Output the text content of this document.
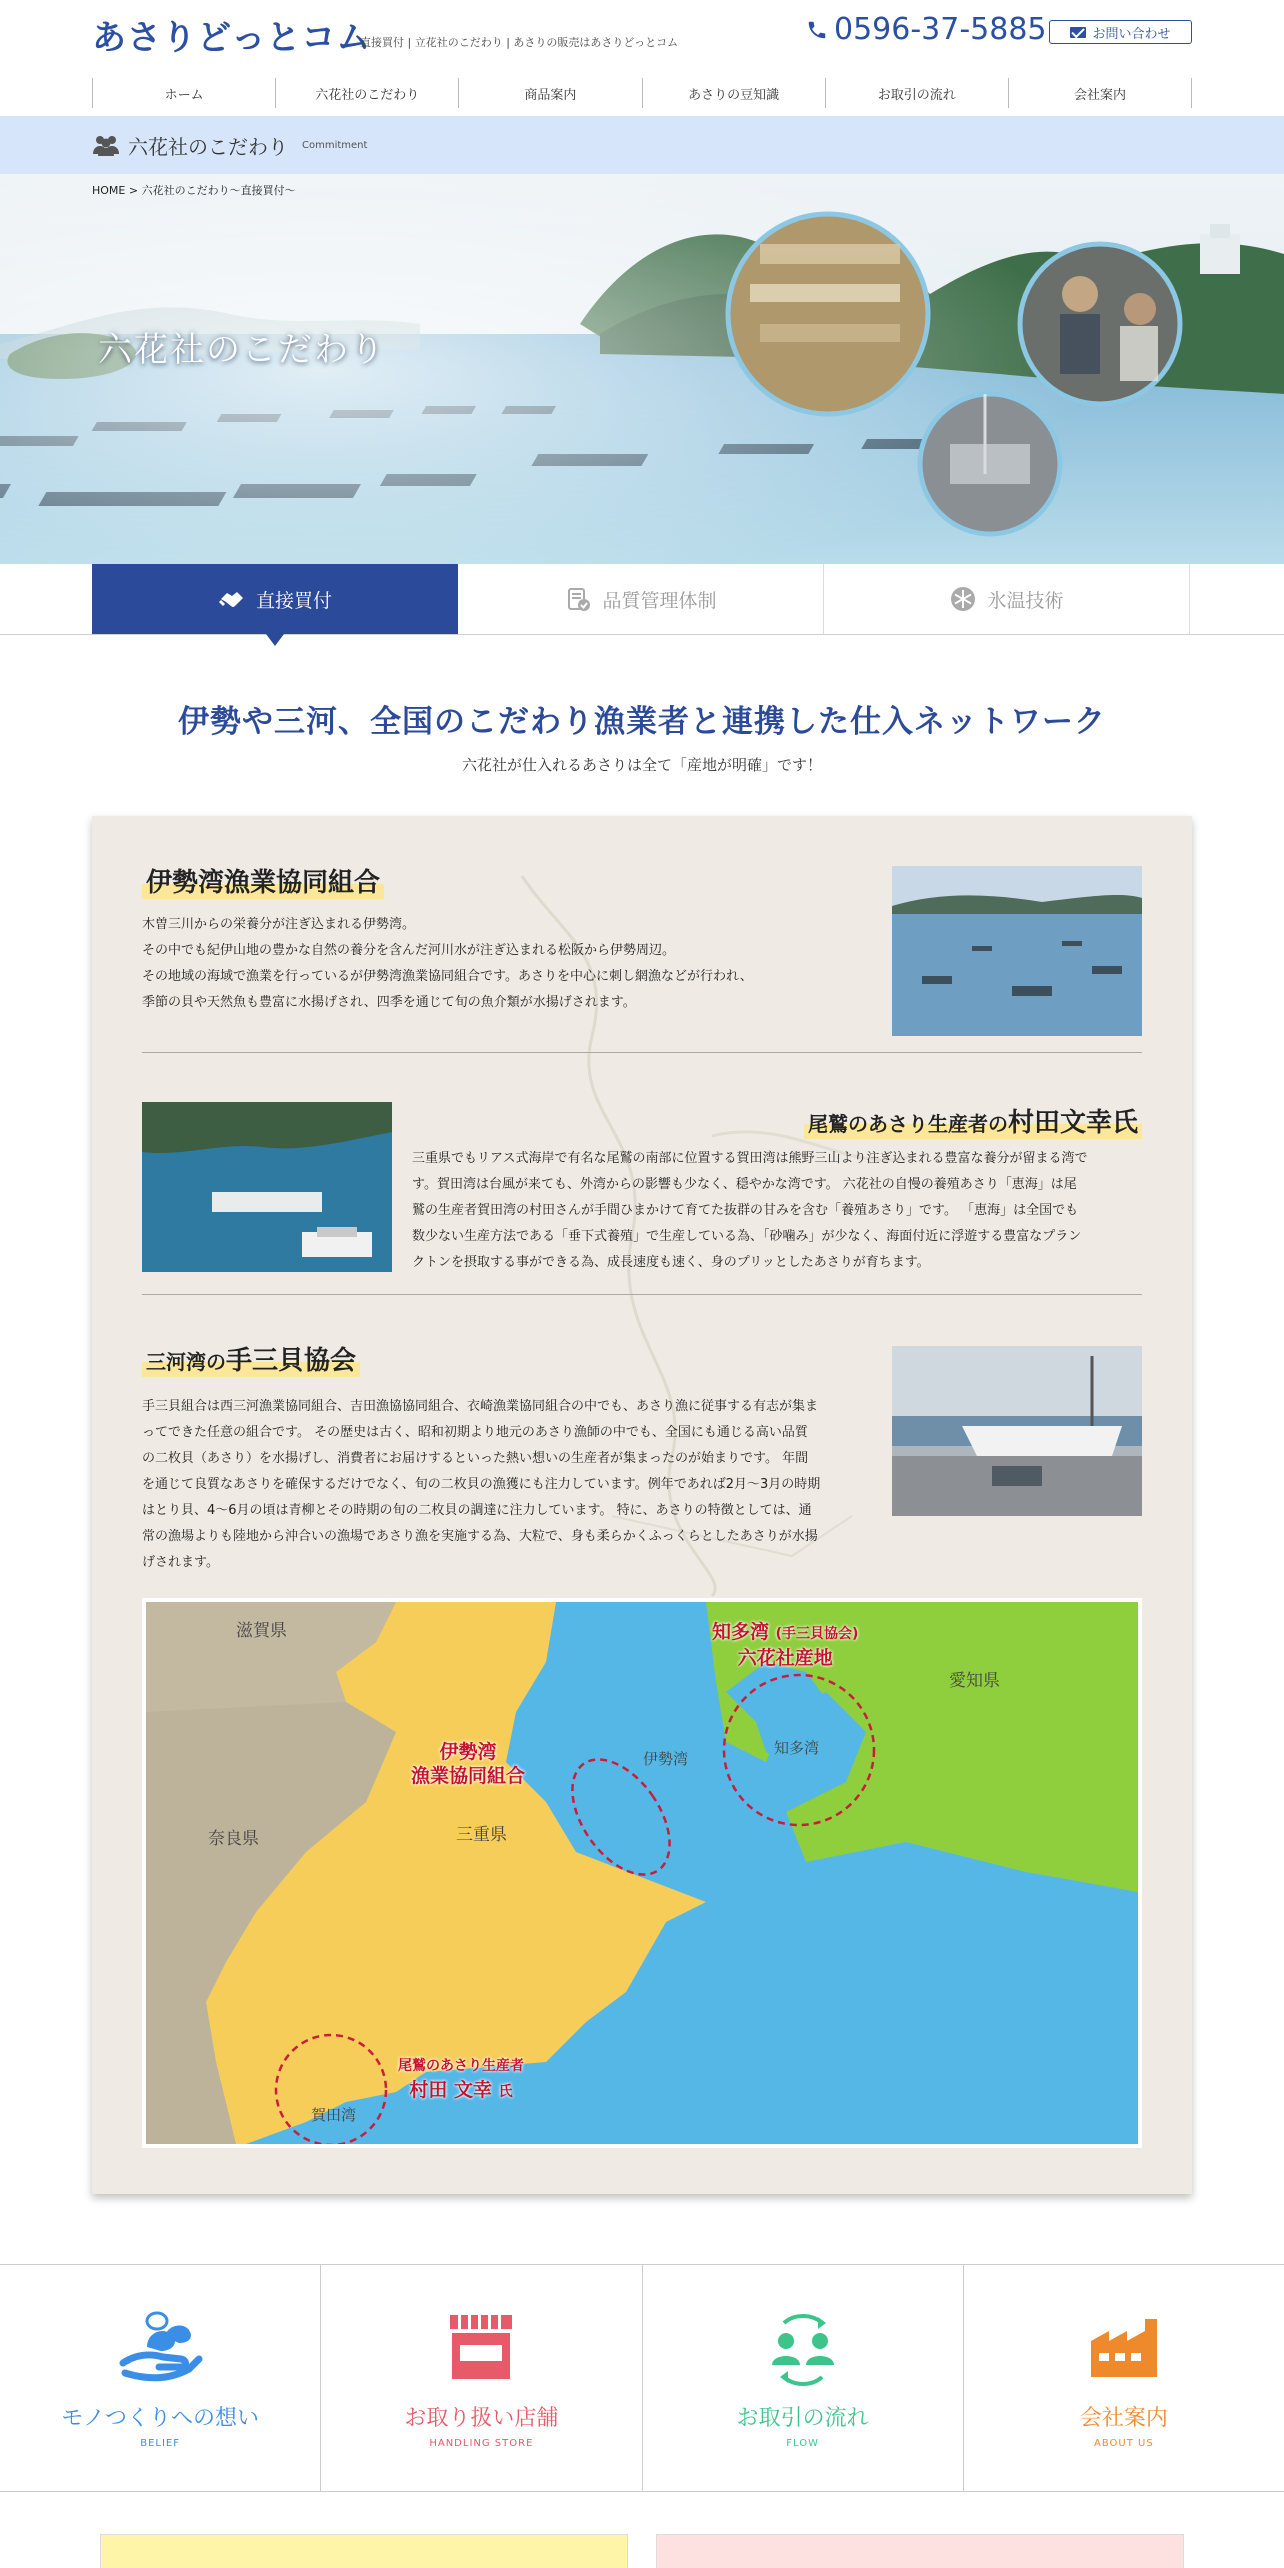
あさりどっとコム
直接買付 | 立花社のこだわり | あさりの販売はあさりどっとコム	0596-37-5885	お問い合わせ
ホーム	六花社のこだわり	商品案内	あさりの豆知識	お取引の流れ	会社案内
六花社のこだわり Commitment
HOME > 六花社のこだわり～直接買付～
六花社のこだわり
直接買付	品質管理体制	氷温技術
伊勢や三河、全国のこだわり漁業者と連携した仕入ネットワーク

六花社が仕入れるあさりは全て「産地が明確」です！

伊勢湾漁業協同組合
木曽三川からの栄養分が注ぎ込まれる伊勢湾。
その中でも紀伊山地の豊かな自然の養分を含んだ河川水が注ぎ込まれる松阪から伊勢周辺。
その地域の海域で漁業を行っているが伊勢湾漁業協同組合です。あさりを中心に刺し網漁などが行われ、
季節の貝や天然魚も豊富に水揚げされ、四季を通じて旬の魚介類が水揚げされます。
尾鷲のあさり生産者の村田文幸氏
三重県でもリアス式海岸で有名な尾鷲の南部に位置する賀田湾は熊野三山より注ぎ込まれる豊富な養分が留まる湾で
す。賀田湾は台風が来ても、外湾からの影響も少なく、穏やかな湾です。 六花社の自慢の養殖あさり「恵海」は尾
鷲の生産者賀田湾の村田さんが手間ひまかけて育てた抜群の甘みを含む「養殖あさり」です。 「恵海」は全国でも
数少ない生産方法である「垂下式養殖」で生産している為、「砂噛み」が少なく、海面付近に浮遊する豊富なプラン
クトンを摂取する事ができる為、成長速度も速く、身のプリッとしたあさりが育ちます。
三河湾の手三貝協会
手三貝組合は西三河漁業協同組合、吉田漁協協同組合、衣崎漁業協同組合の中でも、あさり漁に従事する有志が集ま
ってできた任意の組合です。 その歴史は古く、昭和初期より地元のあさり漁師の中でも、全国にも通じる高い品質
の二枚貝（あさり）を水揚げし、消費者にお届けするといった熱い想いの生産者が集まったのが始まりです。 年間
を通じて良質なあさりを確保するだけでなく、旬の二枚貝の漁獲にも注力しています。例年であれば2月～3月の時期
はとり貝、4～6月の頃は青柳とその時期の旬の二枚貝の調達に注力しています。 特に、あさりの特徴としては、通
常の漁場よりも陸地から沖合いの漁場であさり漁を実施する為、大粒で、身も柔らかくふっくらとしたあさりが水揚
げされます。
滋賀県
奈良県	三重県
愛知県
伊勢湾
知多湾
賀田湾
伊勢湾
漁業協同組合
知多湾 (手三貝協会)
六花社産地
尾鷲のあさり生産者
村田 文幸 氏
モノつくりへの想い
BELIEF
お取り扱い店舗
HANDLING STORE
お取引の流れ
FLOW
会社案内
ABOUT US
